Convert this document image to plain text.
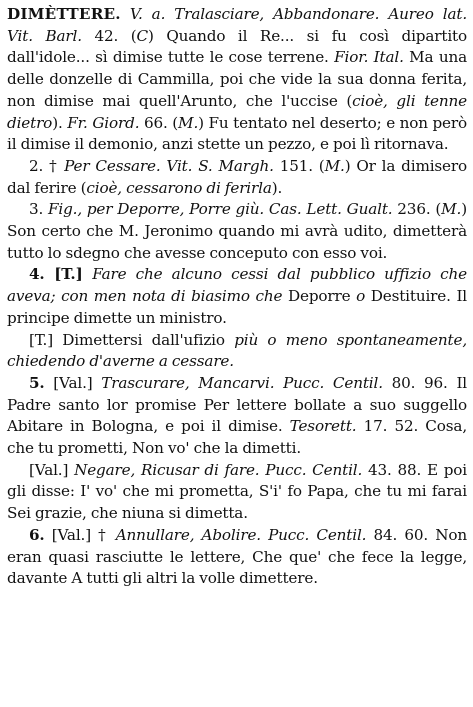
DIMÈTTERE. V. a. Tralasciare, Abbandonare. Aureo lat. Vit. Barl. 42. (C) Quando il Re... si fu così dipartito dall'idole... sì dimise tutte le cose terrene. Fior. Ital. Ma una delle donzelle di Cammilla, poi che vide la sua donna ferita, non dimise mai quell'Arunto, che l'uccise (cioè, gli tenne dietro). Fr. Giord. 66. (M.) Fu tentato nel deserto; e non però il dimise il demonio, anzi stette un pezzo, e poi lì ritornava.

2. † Per Cessare. Vit. S. Margh. 151. (M.) Or la dimisero dal ferire (cioè, cessarono di ferirla).

3. Fig., per Deporre, Porre giù. Cas. Lett. Gualt. 236. (M.) Son certo che M. Jeronimo quando mi avrà udito, dimetterà tutto lo sdegno che avesse conceputo con esso voi.

4. [T.] Fare che alcuno cessi dal pubblico uffizio che aveva; con men nota di biasimo che Deporre o Destituire. Il principe dimette un ministro.

[T.] Dimettersi dall'ufizio più o meno spontaneamente, chiedendo d'averne a cessare.

5. [Val.] Trascurare, Mancarvi. Pucc. Centil. 80. 96. Il Padre santo lor promise Per lettere bollate a suo suggello Abitare in Bologna, e poi il dimise. Tesorett. 17. 52. Cosa, che tu prometti, Non vo' che la dimetti.

[Val.] Negare, Ricusar di fare. Pucc. Centil. 43. 88. E poi gli disse: I' vo' che mi prometta, S'i' fo Papa, che tu mi farai Sei grazie, che niuna si dimetta.

6. [Val.] † Annullare, Abolire. Pucc. Centil. 84. 60. Non eran quasi rasciutte le lettere, Che que' che fece la legge, davante A tutti gli altri la volle dimettere.
